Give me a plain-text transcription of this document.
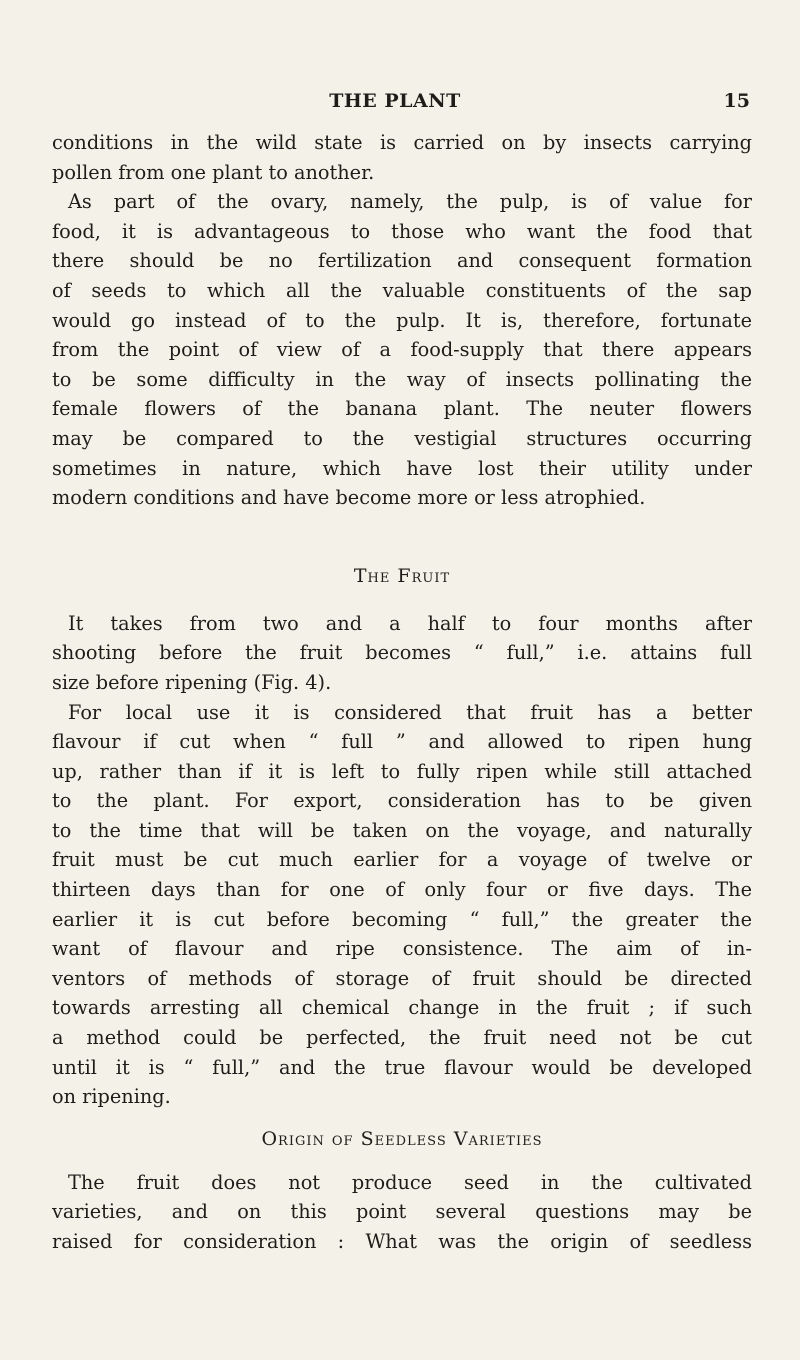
THE PLANT	15
conditions in the wild state is carried on by insects carrying
pollen from one plant to another.
As part of the ovary, namely, the pulp, is of value for
food, it is advantageous to those who want the food that
there should be no fertilization and consequent formation
of seeds to which all the valuable constituents of the sap
would go instead of to the pulp. It is, therefore, fortunate
from the point of view of a food-supply that there appears
to be some difficulty in the way of insects pollinating the
female flowers of the banana plant. The neuter flowers
may be compared to the vestigial structures occurring
sometimes in nature, which have lost their utility under
modern conditions and have become more or less atrophied.
The Fruit
It takes from two and a half to four months after
shooting before the fruit becomes “ full,” i.e. attains full
size before ripening (Fig. 4).
For local use it is considered that fruit has a better
flavour if cut when “ full ” and allowed to ripen hung
up, rather than if it is left to fully ripen while still attached
to the plant. For export, consideration has to be given
to the time that will be taken on the voyage, and naturally
fruit must be cut much earlier for a voyage of twelve or
thirteen days than for one of only four or five days. The
earlier it is cut before becoming “ full,” the greater the
want of flavour and ripe consistence. The aim of in-
ventors of methods of storage of fruit should be directed
towards arresting all chemical change in the fruit ; if such
a method could be perfected, the fruit need not be cut
until it is “ full,” and the true flavour would be developed
on ripening.
Origin of Seedless Varieties
The fruit does not produce seed in the cultivated
varieties, and on this point several questions may be
raised for consideration : What was the origin of seedless
